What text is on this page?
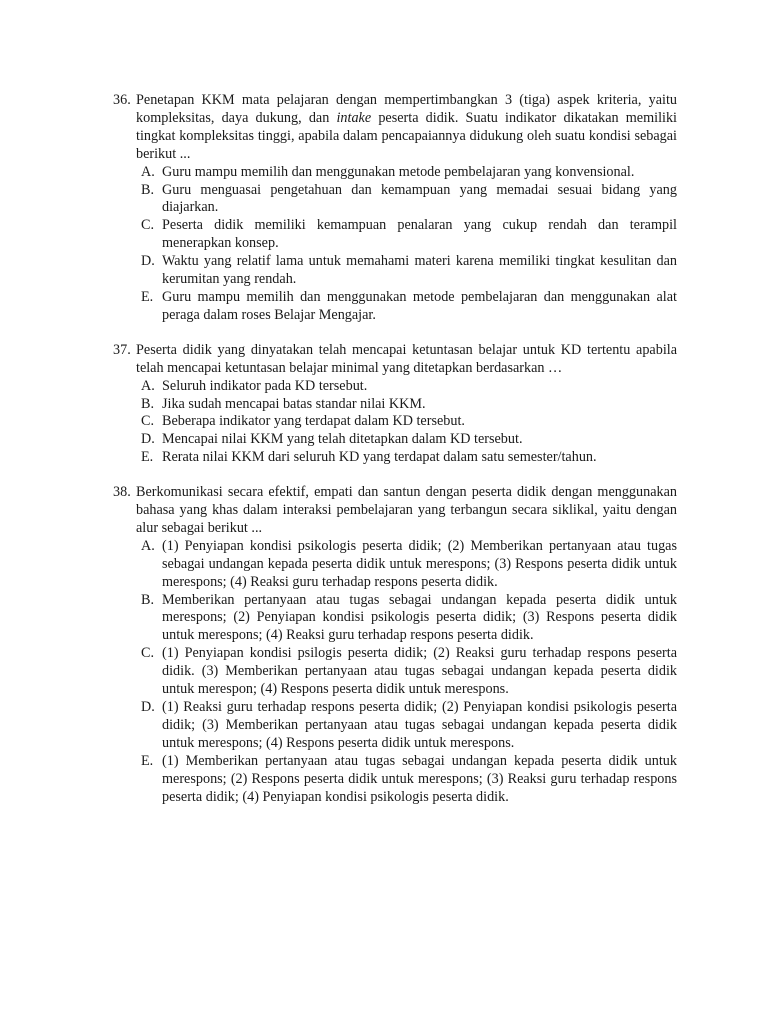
36. Penetapan KKM mata pelajaran dengan mempertimbangkan 3 (tiga) aspek kriteria, yaitu kompleksitas, daya dukung, dan intake peserta didik. Suatu indikator dikatakan memiliki tingkat kompleksitas tinggi, apabila dalam pencapaiannya didukung oleh suatu kondisi sebagai berikut ...

A. Guru mampu memilih dan menggunakan metode pembelajaran yang konvensional.
B. Guru menguasai pengetahuan dan kemampuan yang memadai sesuai bidang yang diajarkan.
C. Peserta didik memiliki kemampuan penalaran yang cukup rendah dan terampil menerapkan konsep.
D. Waktu yang relatif lama untuk memahami materi karena memiliki tingkat kesulitan dan kerumitan yang rendah.
E. Guru mampu memilih dan menggunakan metode pembelajaran dan menggunakan alat peraga dalam roses Belajar Mengajar.
37. Peserta didik yang dinyatakan telah mencapai ketuntasan belajar untuk KD tertentu apabila telah mencapai ketuntasan belajar minimal yang ditetapkan berdasarkan …

A. Seluruh indikator pada KD tersebut.
B. Jika sudah mencapai batas standar nilai KKM.
C. Beberapa indikator yang terdapat dalam KD tersebut.
D. Mencapai nilai KKM yang telah ditetapkan dalam KD tersebut.
E. Rerata nilai KKM dari seluruh KD yang terdapat dalam satu semester/tahun.
38. Berkomunikasi secara efektif, empati dan santun dengan peserta didik dengan menggunakan bahasa yang khas dalam interaksi pembelajaran yang terbangun secara siklikal, yaitu dengan alur sebagai berikut ...

A. (1) Penyiapan kondisi psikologis peserta didik; (2) Memberikan pertanyaan atau tugas sebagai undangan kepada peserta didik untuk merespons; (3) Respons peserta didik untuk merespons; (4) Reaksi guru terhadap respons peserta didik.
B. Memberikan pertanyaan atau tugas sebagai undangan kepada peserta didik untuk merespons; (2) Penyiapan kondisi psikologis peserta didik; (3) Respons peserta didik untuk merespons; (4) Reaksi guru terhadap respons peserta didik.
C. (1) Penyiapan kondisi psilogis peserta didik; (2) Reaksi guru terhadap respons peserta didik. (3) Memberikan pertanyaan atau tugas sebagai undangan kepada peserta didik untuk merespon; (4) Respons peserta didik untuk merespons.
D. (1) Reaksi guru terhadap respons peserta didik; (2) Penyiapan kondisi psikologis peserta didik; (3) Memberikan pertanyaan atau tugas sebagai undangan kepada peserta didik untuk merespons; (4) Respons peserta didik untuk merespons.
E. (1) Memberikan pertanyaan atau tugas sebagai undangan kepada peserta didik untuk merespons; (2) Respons peserta didik untuk merespons; (3) Reaksi guru terhadap respons peserta didik; (4) Penyiapan kondisi psikologis peserta didik.
